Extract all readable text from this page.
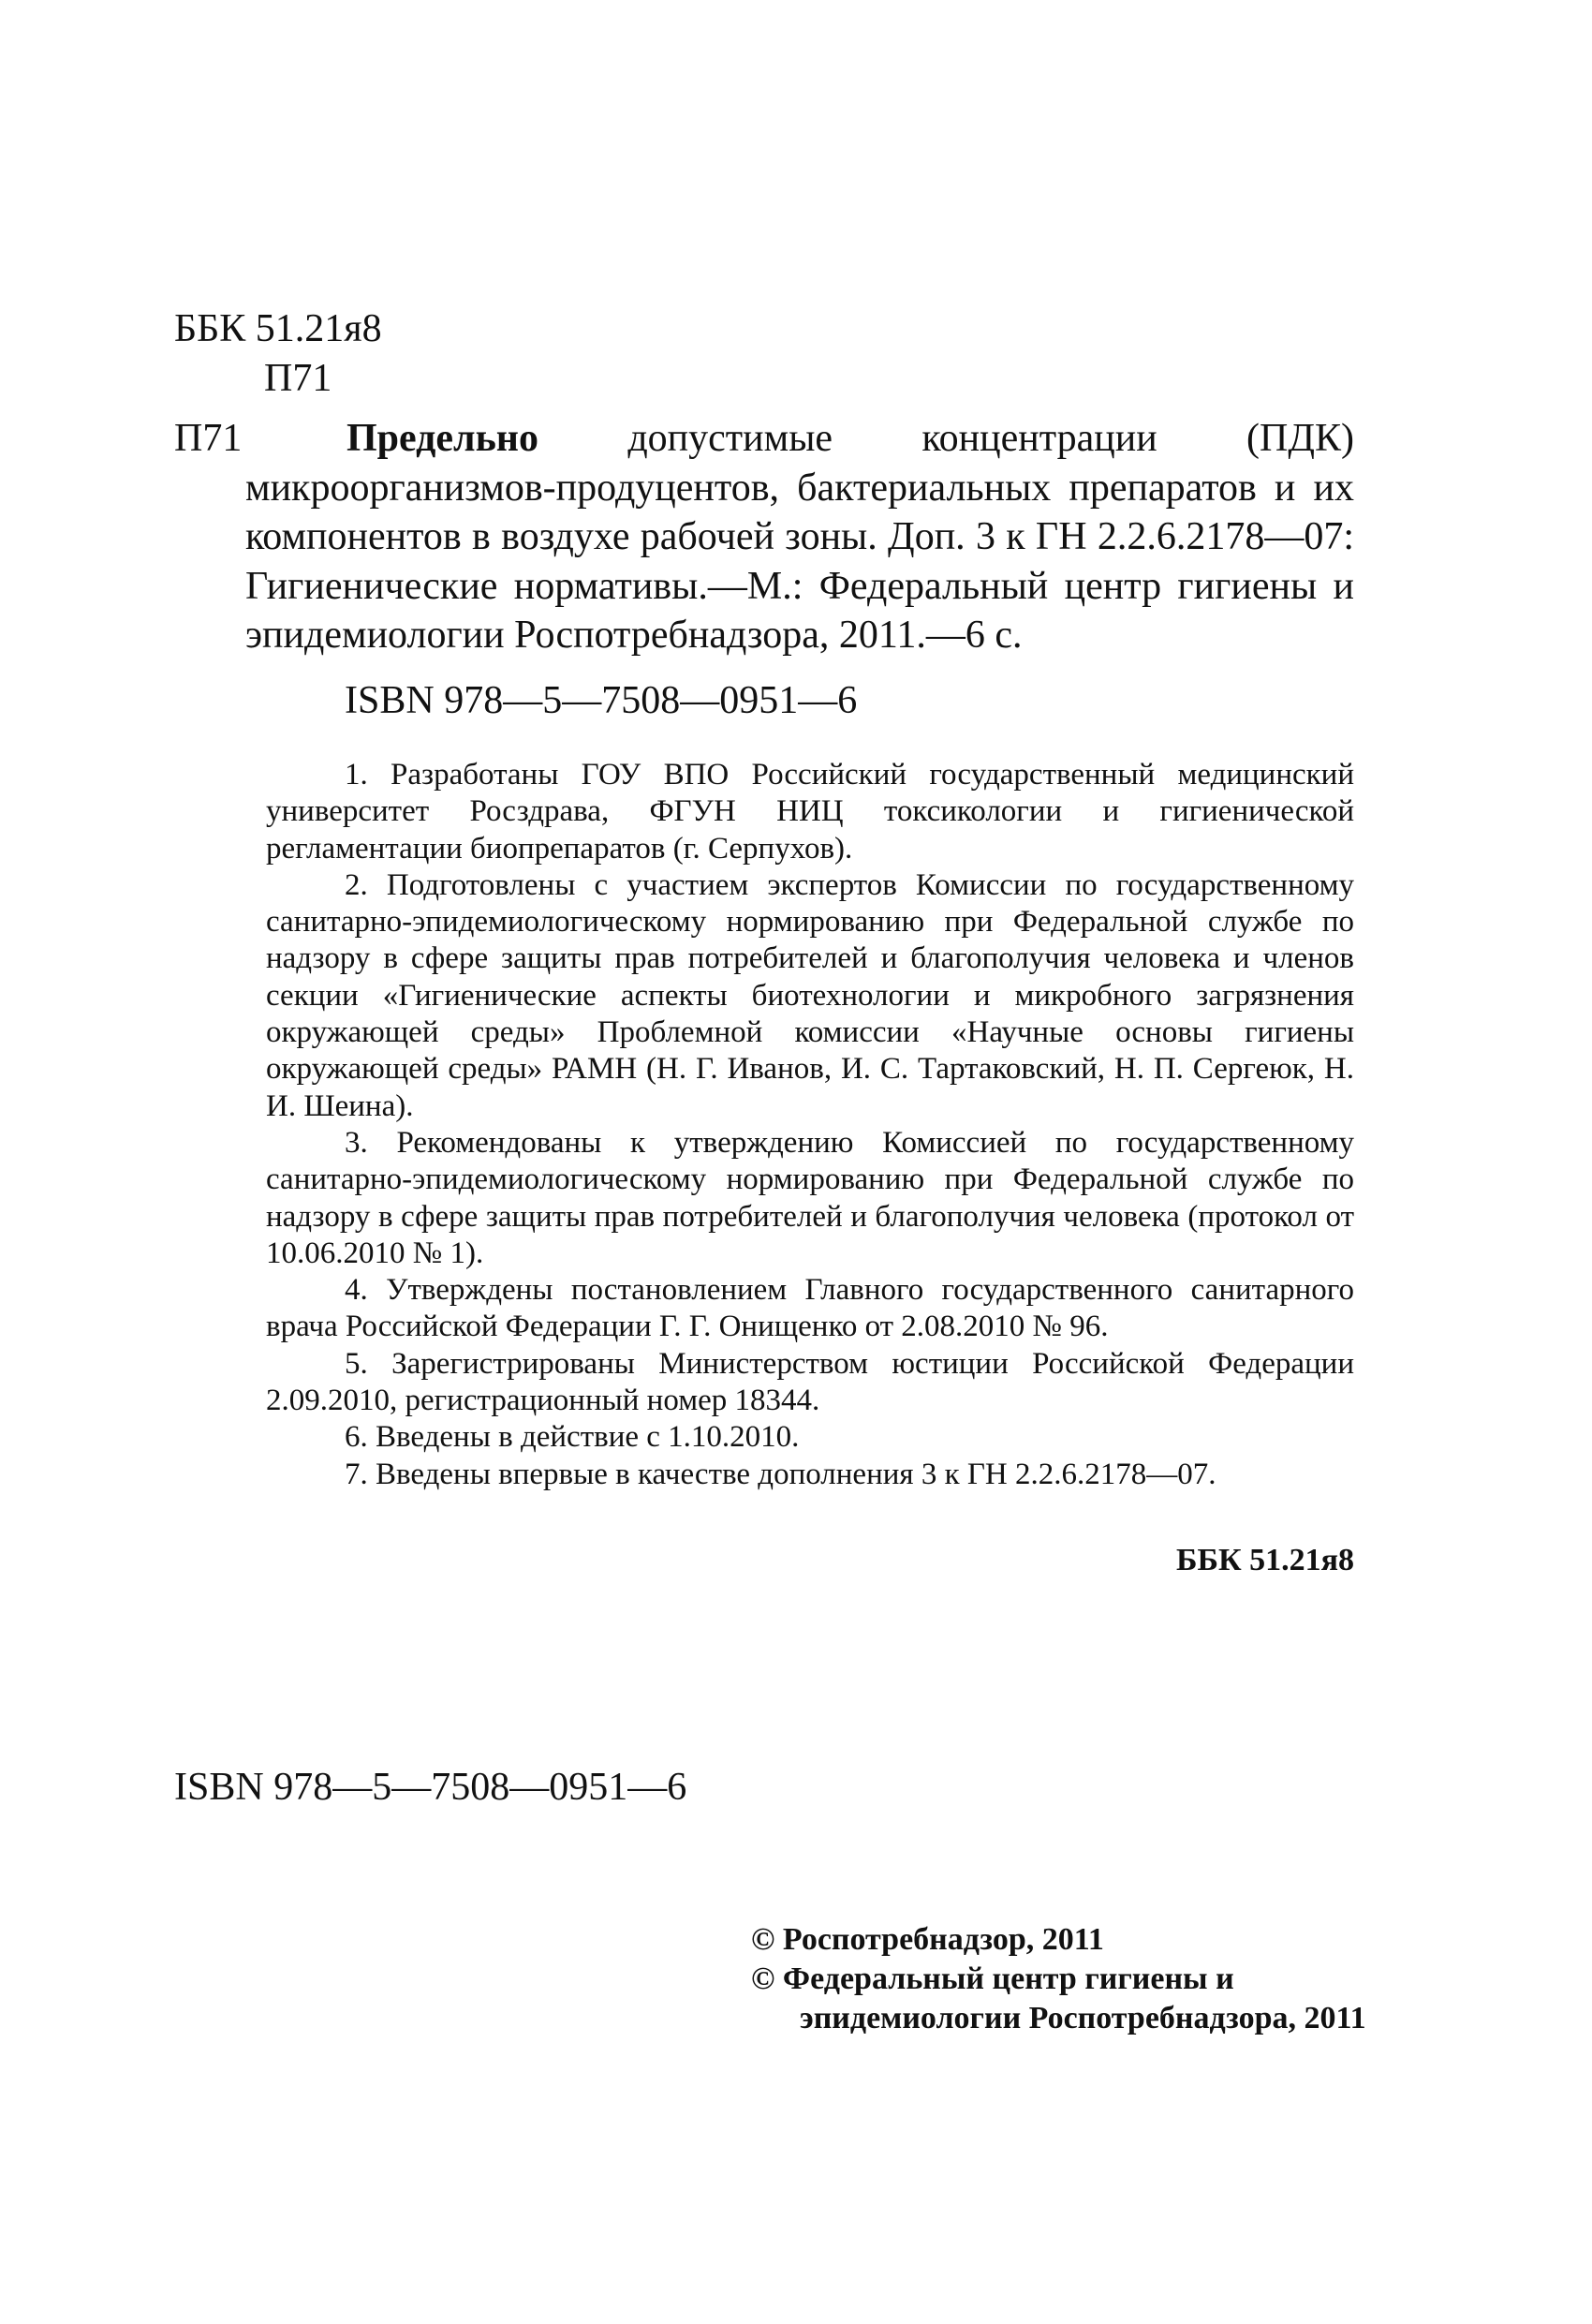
ББК 51.21я8
П71
П71	Предельно допустимые концентрации (ПДК) микроорганизмов-продуцентов, бактериальных препаратов и их компонентов в воздухе рабочей зоны. Доп. 3 к ГН 2.2.6.2178—07: Гигиенические нормативы.—М.: Федеральный центр гигиены и эпидемиологии Роспотребнадзора, 2011.—6 с.
ISBN 978—5—7508—0951—6

1. Разработаны ГОУ ВПО Российский государственный медицинский университет Росздрава, ФГУН НИЦ токсикологии и гигиенической регламентации биопрепаратов (г. Серпухов).

2. Подготовлены с участием экспертов Комиссии по государственному санитарно-эпидемиологическому нормированию при Федеральной службе по надзору в сфере защиты прав потребителей и благополучия человека и членов секции «Гигиенические аспекты биотехнологии и микробного загрязнения окружающей среды» Проблемной комиссии «Научные основы гигиены окружающей среды» РАМН (Н. Г. Иванов, И. С. Тартаковский, Н. П. Сергеюк, Н. И. Шеина).

3. Рекомендованы к утверждению Комиссией по государственному санитарно-эпидемиологическому нормированию при Федеральной службе по надзору в сфере защиты прав потребителей и благополучия человека (протокол от 10.06.2010 № 1).

4. Утверждены постановлением Главного государственного санитарного врача Российской Федерации Г. Г. Онищенко от 2.08.2010 № 96.

5. Зарегистрированы Министерством юстиции Российской Федерации 2.09.2010, регистрационный номер 18344.

6. Введены в действие с 1.10.2010.

7. Введены впервые в качестве дополнения 3 к ГН 2.2.6.2178—07.

ББК 51.21я8
ISBN 978—5—7508—0951—6
© Роспотребнадзор, 2011
© Федеральный центр гигиены и
эпидемиологии Роспотребнадзора, 2011
